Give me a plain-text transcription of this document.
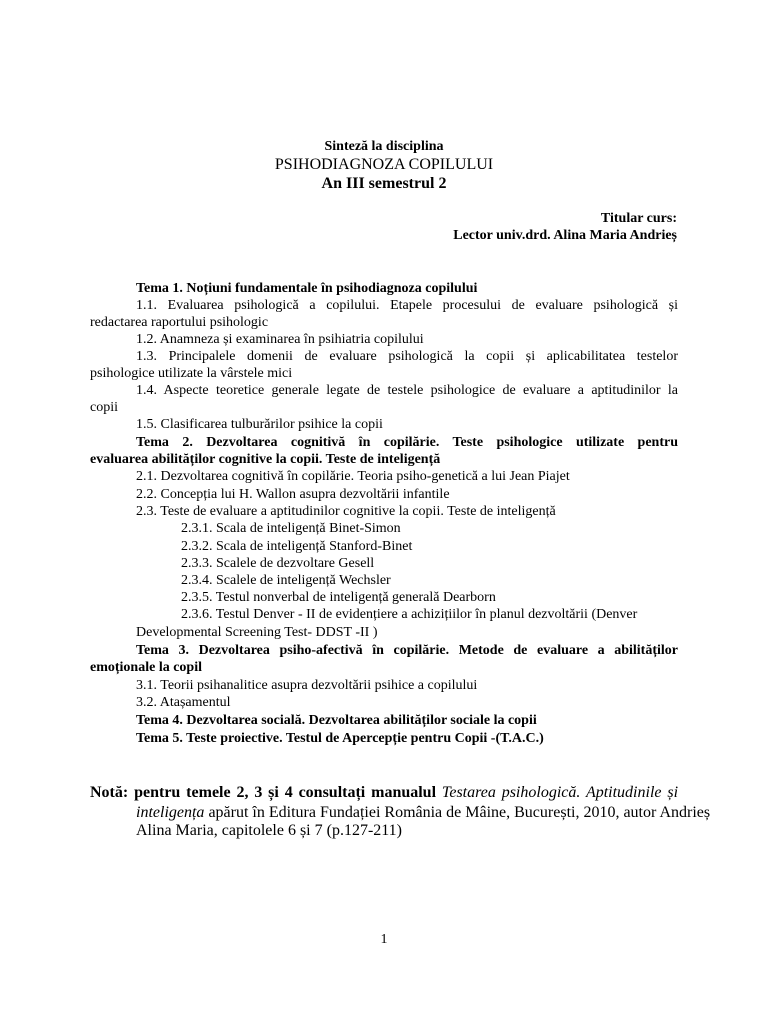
Sinteză la disciplina
PSIHODIAGNOZA COPILULUI
An III semestrul 2
Titular curs:
Lector univ.drd. Alina Maria Andrieș
Tema 1. Noțiuni fundamentale în psihodiagnoza copilului
1.1. Evaluarea psihologică a copilului. Etapele procesului de evaluare psihologică și
redactarea raportului psihologic
1.2. Anamneza și examinarea în psihiatria copilului
1.3. Principalele domenii de evaluare psihologică la copii și aplicabilitatea testelor
psihologice utilizate la vârstele mici
1.4. Aspecte teoretice generale legate de testele psihologice de evaluare a aptitudinilor la
copii
1.5. Clasificarea tulburărilor psihice la copii
Tema 2. Dezvoltarea cognitivă în copilărie. Teste psihologice utilizate pentru
evaluarea abilităților cognitive la copii. Teste de inteligență
2.1. Dezvoltarea cognitivă în copilărie. Teoria psiho-genetică a lui Jean Piajet
2.2. Concepția lui H. Wallon asupra dezvoltării infantile
2.3. Teste de evaluare a aptitudinilor cognitive la copii. Teste de inteligență
2.3.1. Scala de inteligență Binet-Simon
2.3.2. Scala de inteligență Stanford-Binet
2.3.3. Scalele de dezvoltare Gesell
2.3.4. Scalele de inteligență Wechsler
2.3.5. Testul nonverbal de inteligență generală Dearborn
2.3.6. Testul Denver - II de evidențiere a achizițiilor în planul dezvoltării (Denver
Developmental Screening Test- DDST -II )
Tema 3. Dezvoltarea psiho-afectivă în copilărie. Metode de evaluare a abilităților
emoționale la copil
3.1. Teorii psihanalitice asupra dezvoltării psihice a copilului
3.2. Atașamentul
Tema 4. Dezvoltarea socială. Dezvoltarea abilităților sociale la copii
Tema 5. Teste proiective. Testul de Apercepție pentru Copii -(T.A.C.)
Notă: pentru temele 2, 3 și 4 consultați manualul Testarea psihologică. Aptitudinile și
inteligența apărut în Editura Fundației România de Mâine, București, 2010, autor Andrieș
Alina Maria, capitolele 6 și 7 (p.127-211)
1
